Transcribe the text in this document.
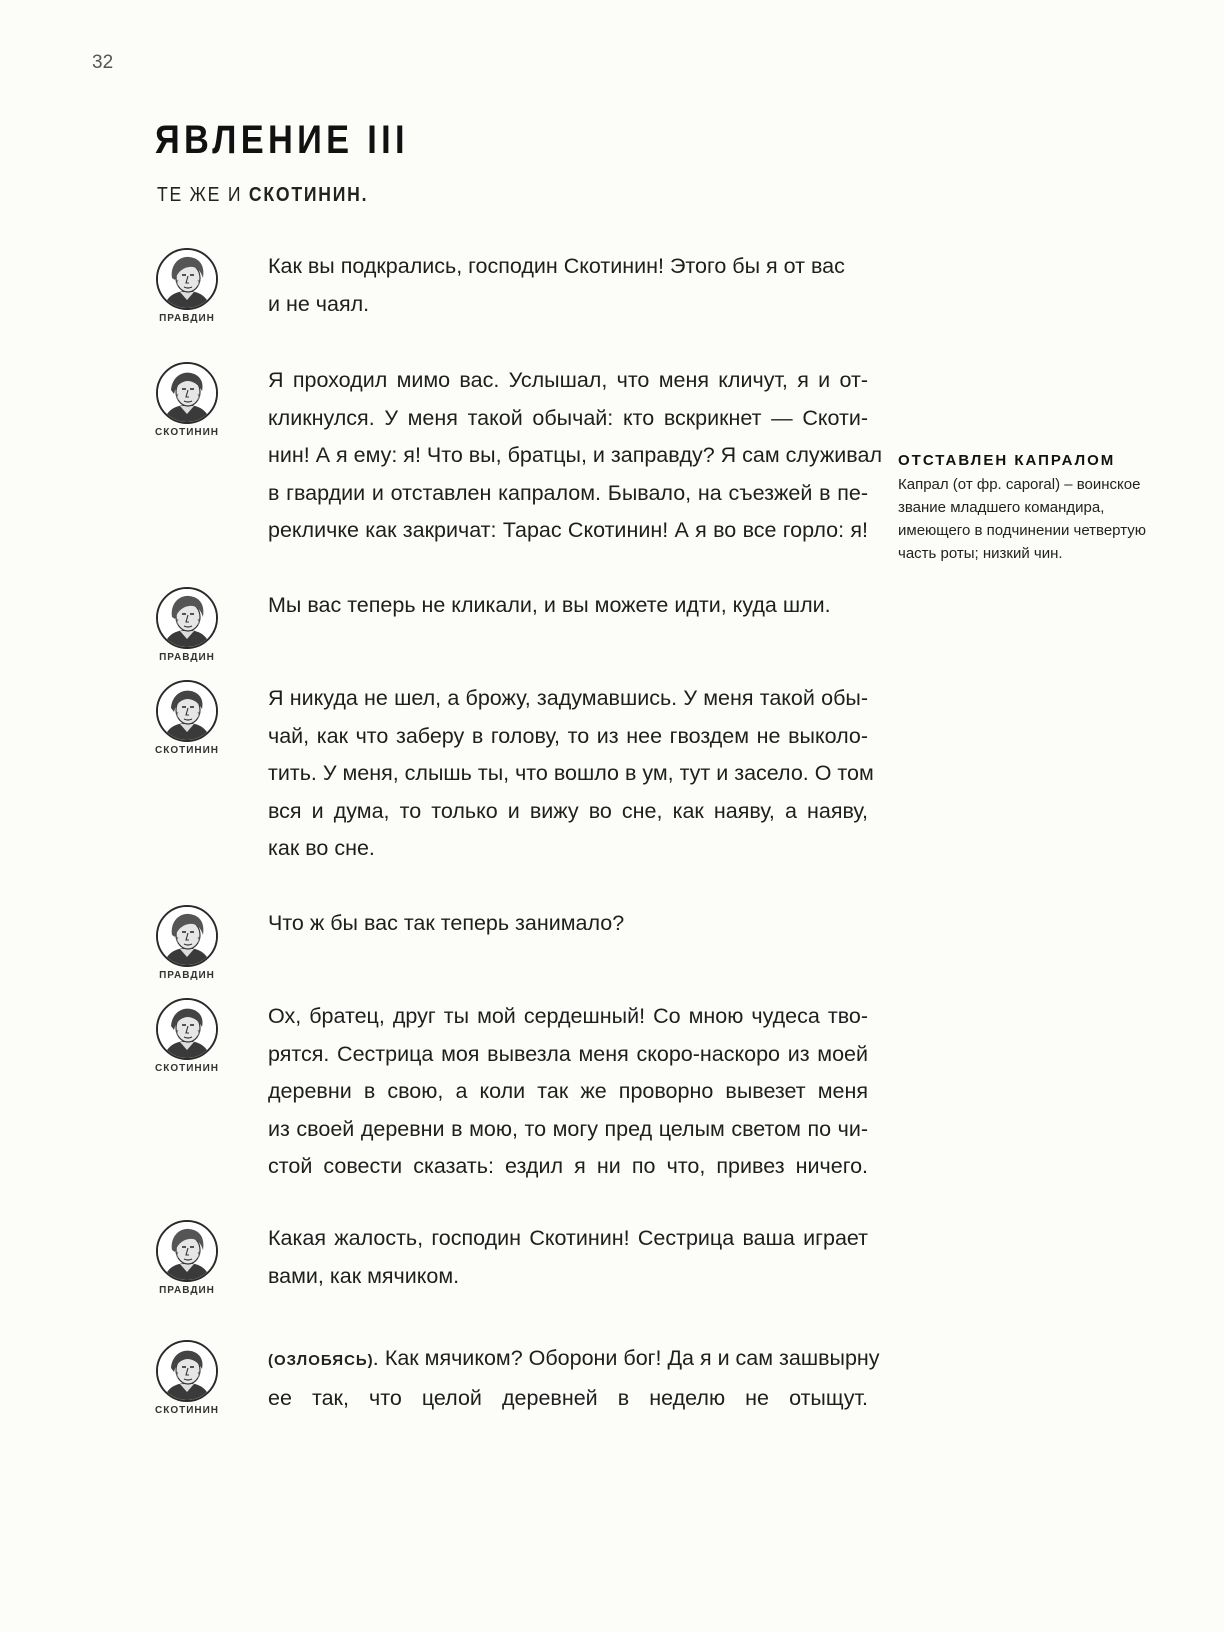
32
ЯВЛЕНИЕ III
ТЕ ЖЕ И СКОТИНИН.
ПРАВДИН
Как вы подкрались, господин Скотинин! Этого бы я от вас
и не чаял.
СКОТИНИН
Я проходил мимо вас. Услышал, что меня кличут, я и от-
кликнулся. У меня такой обычай: кто вскрикнет — Скоти-
нин! А я ему: я! Что вы, братцы, и заправду? Я сам служивал
в гвардии и отставлен капралом. Бывало, на съезжей в пе-
рекличке как закричат: Тарас Скотинин! А я во все горло: я!
ПРАВДИН
Мы вас теперь не кликали, и вы можете идти, куда шли.
СКОТИНИН
Я никуда не шел, а брожу, задумавшись. У меня такой обы-
чай, как что заберу в голову, то из нее гвоздем не выколо-
тить. У меня, слышь ты, что вошло в ум, тут и засело. О том
вся и дума, то только и вижу во сне, как наяву, а наяву,
как во сне.
ПРАВДИН
Что ж бы вас так теперь занимало?
СКОТИНИН
Ох, братец, друг ты мой сердешный! Со мною чудеса тво-
рятся. Сестрица моя вывезла меня скоро-наскоро из моей
деревни в свою, а коли так же проворно вывезет меня
из своей деревни в мою, то могу пред целым светом по чи-
стой совести сказать: ездил я ни по что, привез ничего.
ПРАВДИН
Какая жалость, господин Скотинин! Сестрица ваша играет
вами, как мячиком.
СКОТИНИН
(ОЗЛОБЯСЬ). Как мячиком? Оборони бог! Да я и сам зашвырну
ее так, что целой деревней в неделю не отыщут.
ОТСТАВЛЕН КАПРАЛОМ
Капрал (от фр. caporal) – воинское
звание младшего командира,
имеющего в подчинении четвертую
часть роты; низкий чин.
